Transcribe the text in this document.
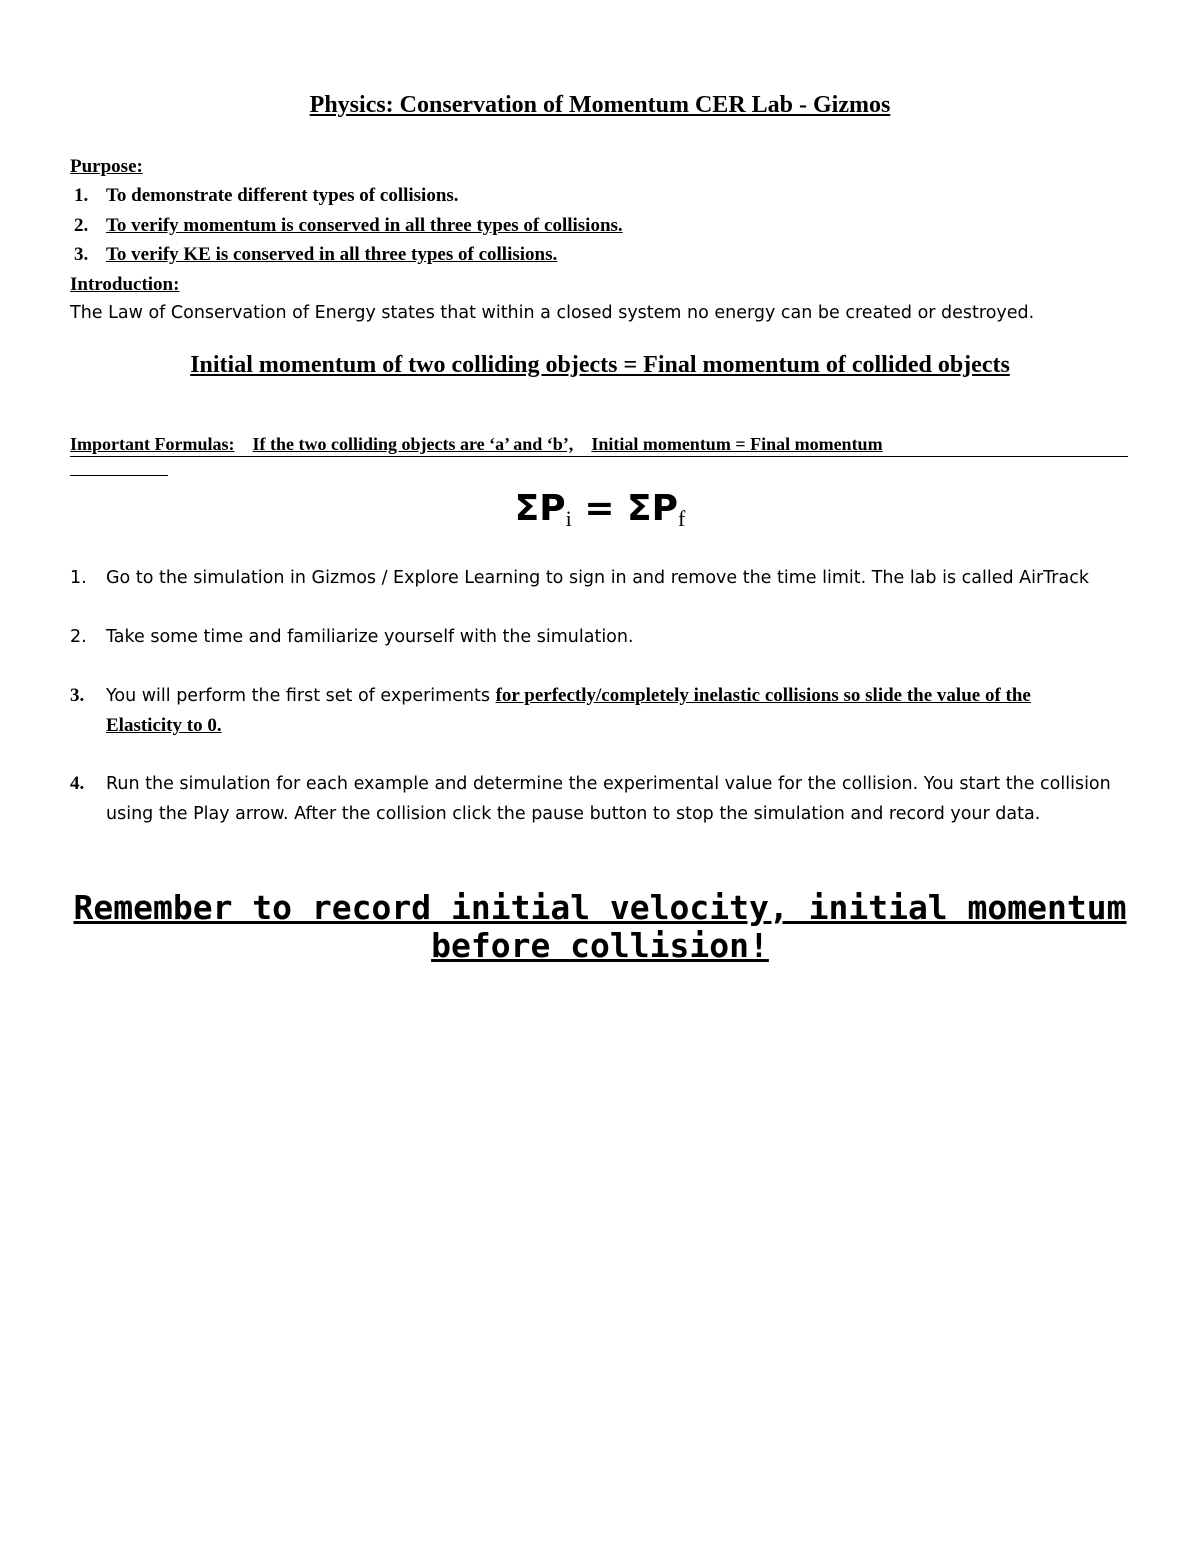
Physics: Conservation of Momentum CER Lab - Gizmos
Purpose:
1. To demonstrate different types of collisions.
2. To verify momentum is conserved in all three types of collisions.
3. To verify KE is conserved in all three types of collisions.
Introduction:
The Law of Conservation of Energy states that within a closed system no energy can be created or destroyed.
Initial momentum of two colliding objects = Final momentum of collided objects
Important Formulas: If the two colliding objects are ‘a’ and ‘b’, Initial momentum = Final momentum
$\Sigma P_i = \Sigma P_f$
1. Go to the simulation in Gizmos / Explore Learning to sign in and remove the time limit. The lab is called AirTrack
2. Take some time and familiarize yourself with the simulation.
3. You will perform the first set of experiments for perfectly/completely inelastic collisions so slide the value of the
Elasticity to 0.
4. Run the simulation for each example and determine the experimental value for the collision. You start the collision
using the Play arrow. After the collision click the pause button to stop the simulation and record your data.
Remember to record initial velocity, initial momentum
before collision!
